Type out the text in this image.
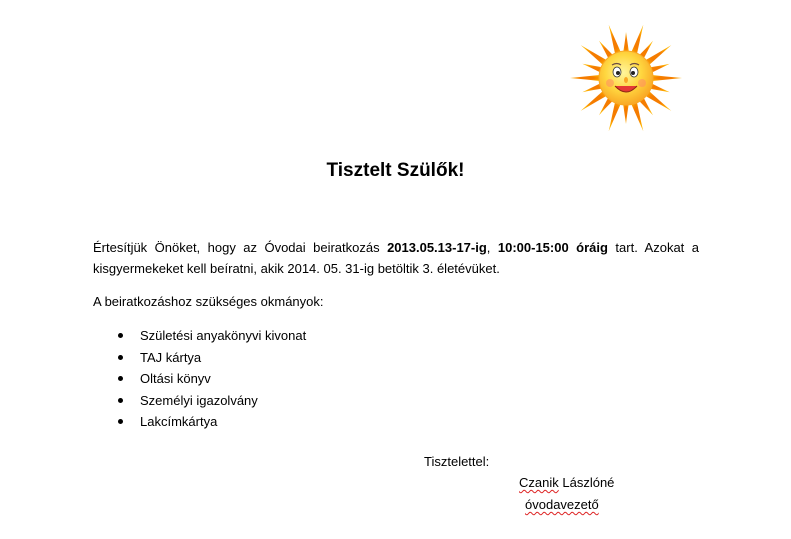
Tisztelt Szülők!
Értesítjük Önöket, hogy az Óvodai beiratkozás 2013.05.13-17-ig, 10:00-15:00 óráig tart. Azokat a kisgyermekeket kell beíratni, akik 2014. 05. 31-ig betöltik 3. életévüket.
A beiratkozáshoz szükséges okmányok:
Születési anyakönyvi kivonat
TAJ kártya
Oltási könyv
Személyi igazolvány
Lakcímkártya
Tisztelettel:
Czanik Lászlóné
óvodavezető
